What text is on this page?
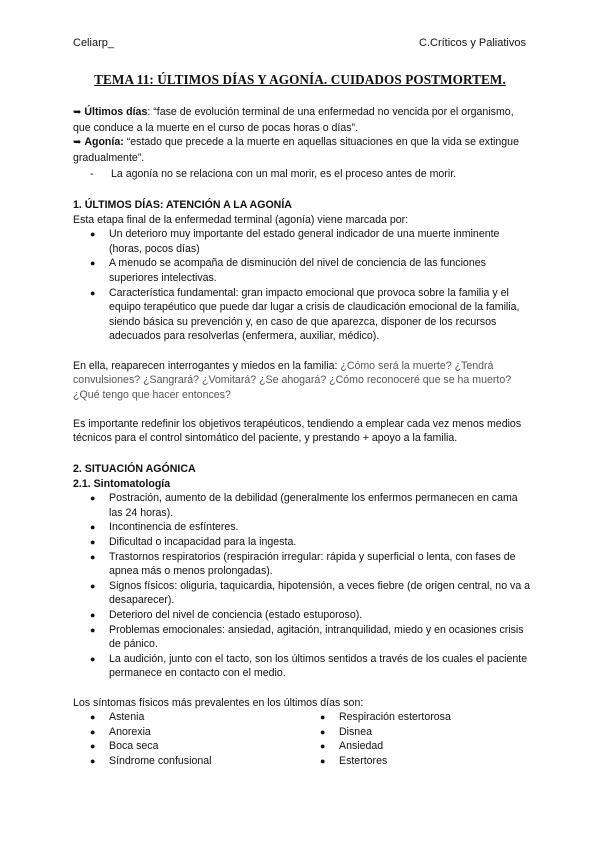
Celiarp_	C.Críticos y Paliativos
TEMA 11: ÚLTIMOS DÍAS Y AGONÍA. CUIDADOS POSTMORTEM.

➥ Últimos días: “fase de evolución terminal de una enfermedad no vencida por el organismo, que conduce a la muerte en el curso de pocas horas o días”.

➥ Agonía: “estado que precede a la muerte en aquellas situaciones en que la vida se extingue gradualmente”.

- La agonía no se relaciona con un mal morir, es el proceso antes de morir.
1. ÚLTIMOS DÍAS: ATENCIÓN A LA AGONÍA

Esta etapa final de la enfermedad terminal (agonía) viene marcada por:

● Un deterioro muy importante del estado general indicador de una muerte inminente (horas, pocos días)
● A menudo se acompaña de disminución del nivel de conciencia de las funciones superiores intelectivas.
● Característica fundamental: gran impacto emocional que provoca sobre la familia y el equipo terapéutico que puede dar lugar a crisis de claudicación emocional de la familia, siendo básica su prevención y, en caso de que aparezca, disponer de los recursos adecuados para resolverlas (enfermera, auxiliar, médico).

En ella, reaparecen interrogantes y miedos en la familia: ¿Cómo será la muerte? ¿Tendrá convulsiones? ¿Sangrará? ¿Vomitará? ¿Se ahogará? ¿Cómo reconoceré que se ha muerto? ¿Qué tengo que hacer entonces?

Es importante redefinir los objetivos terapéuticos, tendiendo a emplear cada vez menos medios técnicos para el control sintomático del paciente, y prestando + apoyo a la familia.

2. SITUACIÓN AGÓNICA
2.1. Sintomatología
● Postración, aumento de la debilidad (generalmente los enfermos permanecen en cama las 24 horas).
● Incontinencia de esfínteres.
● Dificultad o incapacidad para la ingesta.
● Trastornos respiratorios (respiración irregular: rápida y superficial o lenta, con fases de apnea más o menos prolongadas).
● Signos físicos: oliguria, taquicardia, hipotensión, a veces fiebre (de origen central, no va a desaparecer).
● Deterioro del nivel de conciencia (estado estuporoso).
● Problemas emocionales: ansiedad, agitación, intranquilidad, miedo y en ocasiones crisis de pánico.
● La audición, junto con el tacto, son los últimos sentidos a través de los cuales el paciente permanece en contacto con el medio.

Los síntomas físicos más prevalentes en los últimos días son:

● Astenia
● Anorexia
● Boca seca
● Síndrome confusional
● Respiración estertorosa
● Disnea
● Ansiedad
● Estertores
